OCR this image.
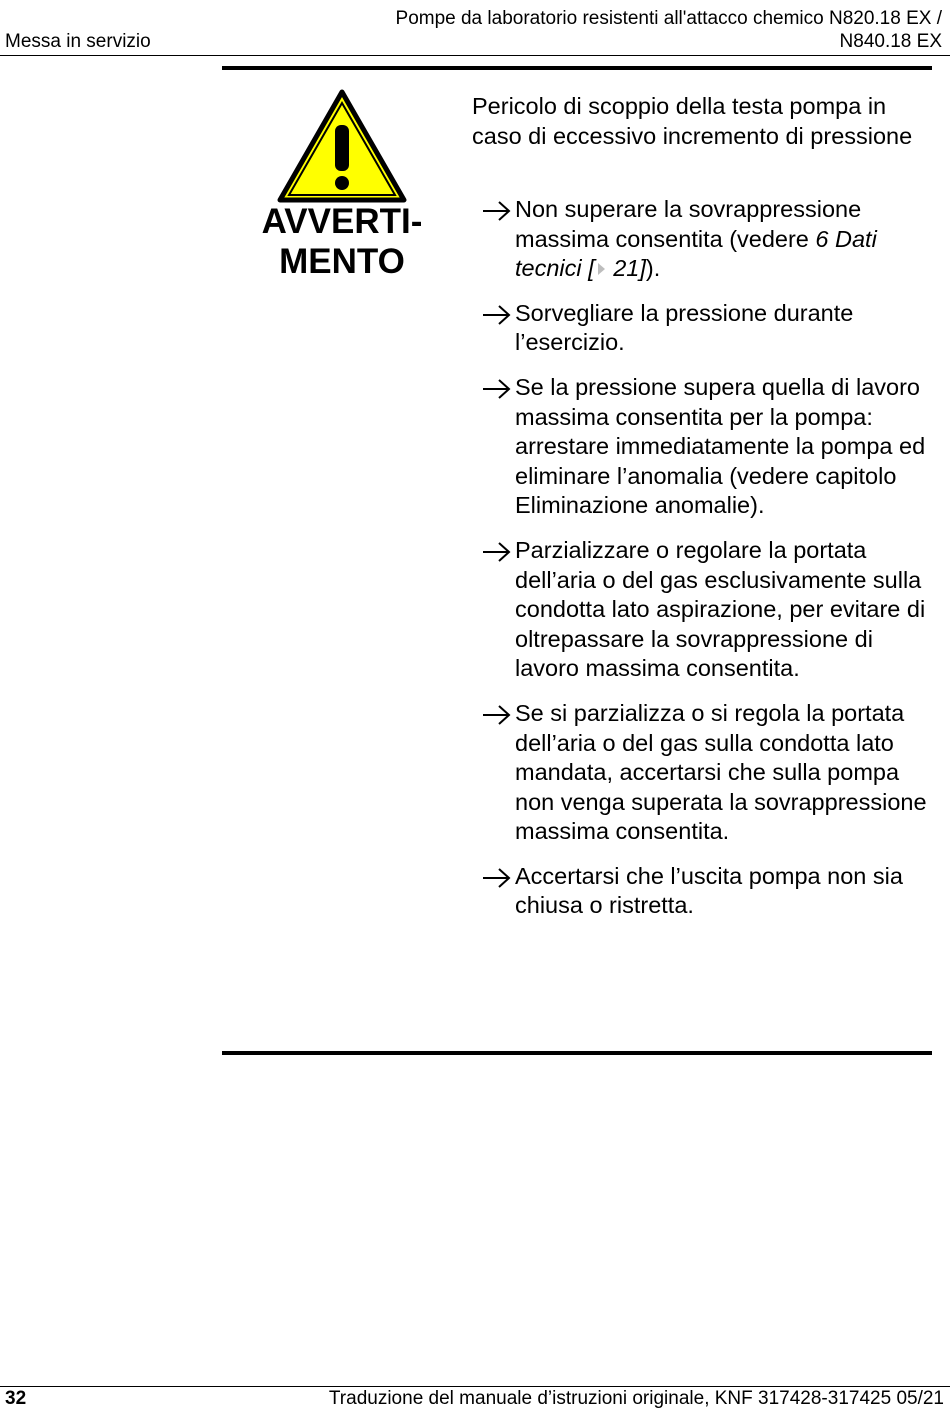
Messa in servizio
Pompe da laboratorio resistenti all'attacco chemico N820.18 EX / N840.18 EX
AVVERTI-
MENTO
Pericolo di scoppio della testa pompa in caso di eccessivo incremento di pressione
Non superare la sovrappressione massima consentita (vedere 6 Dati tecnici [ 21]).
Sorvegliare la pressione durante l’esercizio.
Se la pressione supera quella di lavoro massima consentita per la pompa: arrestare immediatamente la pompa ed eliminare l’anomalia (vedere capitolo Eliminazione anomalie).
Parzializzare o regolare la portata dell’aria o del gas esclusivamente sulla condotta lato aspirazione, per evitare di oltrepassare la sovrappressione di lavoro massima consentita.
Se si parzializza o si regola la portata dell’aria o del gas sulla condotta lato mandata, accertarsi che sulla pompa non venga superata la sovrappressione massima consentita.
Accertarsi che l’uscita pompa non sia chiusa o ristretta.
32	Traduzione del manuale d’istruzioni originale, KNF 317428-317425 05/21
